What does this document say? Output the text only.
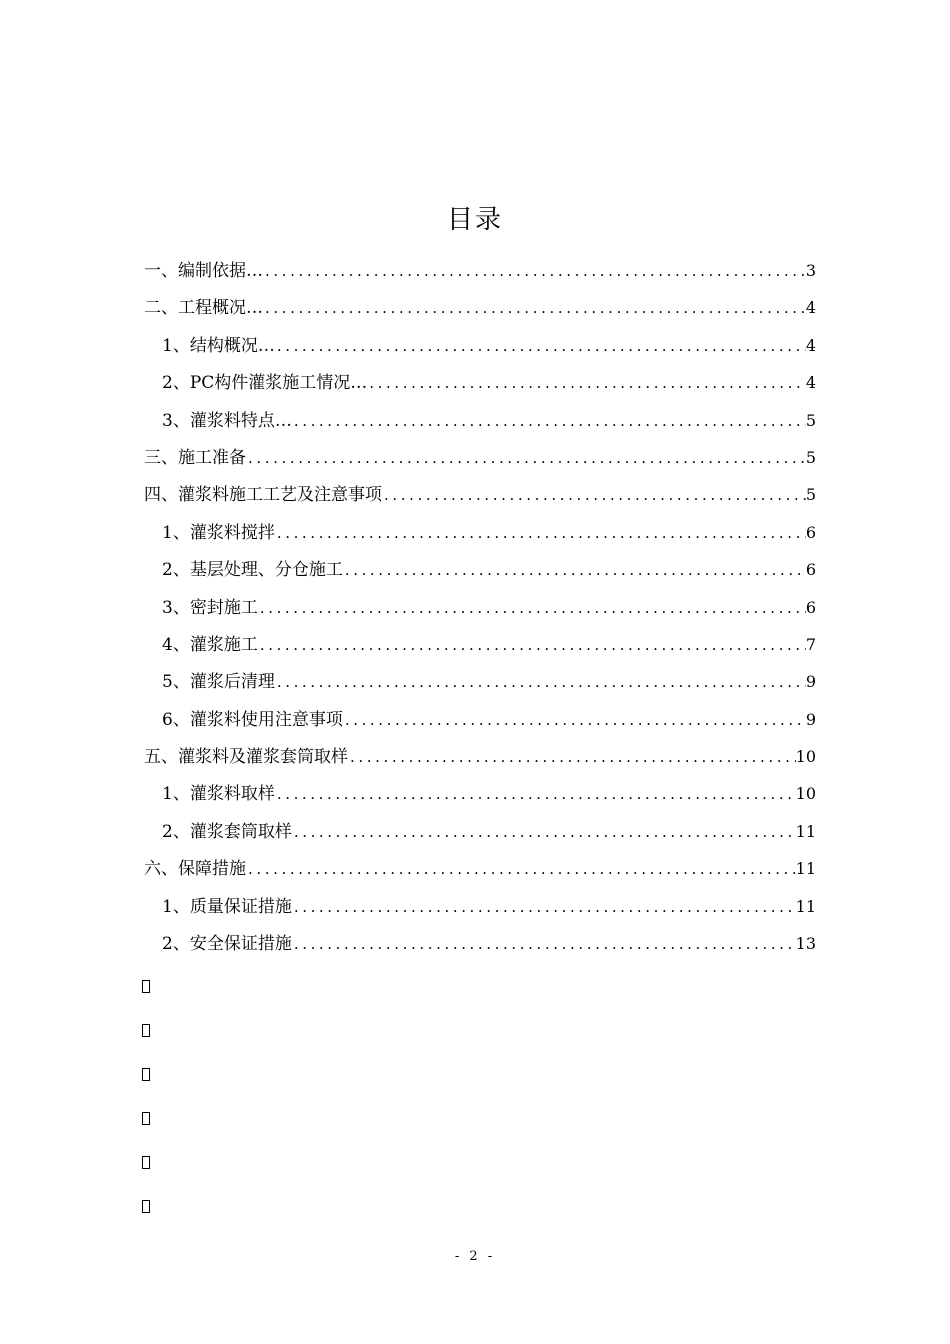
目录
一、编制依据… .....	3
二、工程概况… .....	4
1、结构概况… .....	4
2、PC构件灌浆施工情况… .....	4
3、灌浆料特点… .....	5
三、施工准备 .....	5
四、灌浆料施工工艺及注意事项 .....	5
1、灌浆料搅拌 .....	6
2、基层处理、分仓施工 .....	6
3、密封施工 .....	6
4、灌浆施工 .....	7
5、灌浆后清理 .....	9
6、灌浆料使用注意事项 .....	9
五、灌浆料及灌浆套筒取样 .....	10
1、灌浆料取样 .....	10
2、灌浆套筒取样 .....	11
六、保障措施 .....	11
1、质量保证措施 .....	11
2、安全保证措施 .....	13
- 2 -
